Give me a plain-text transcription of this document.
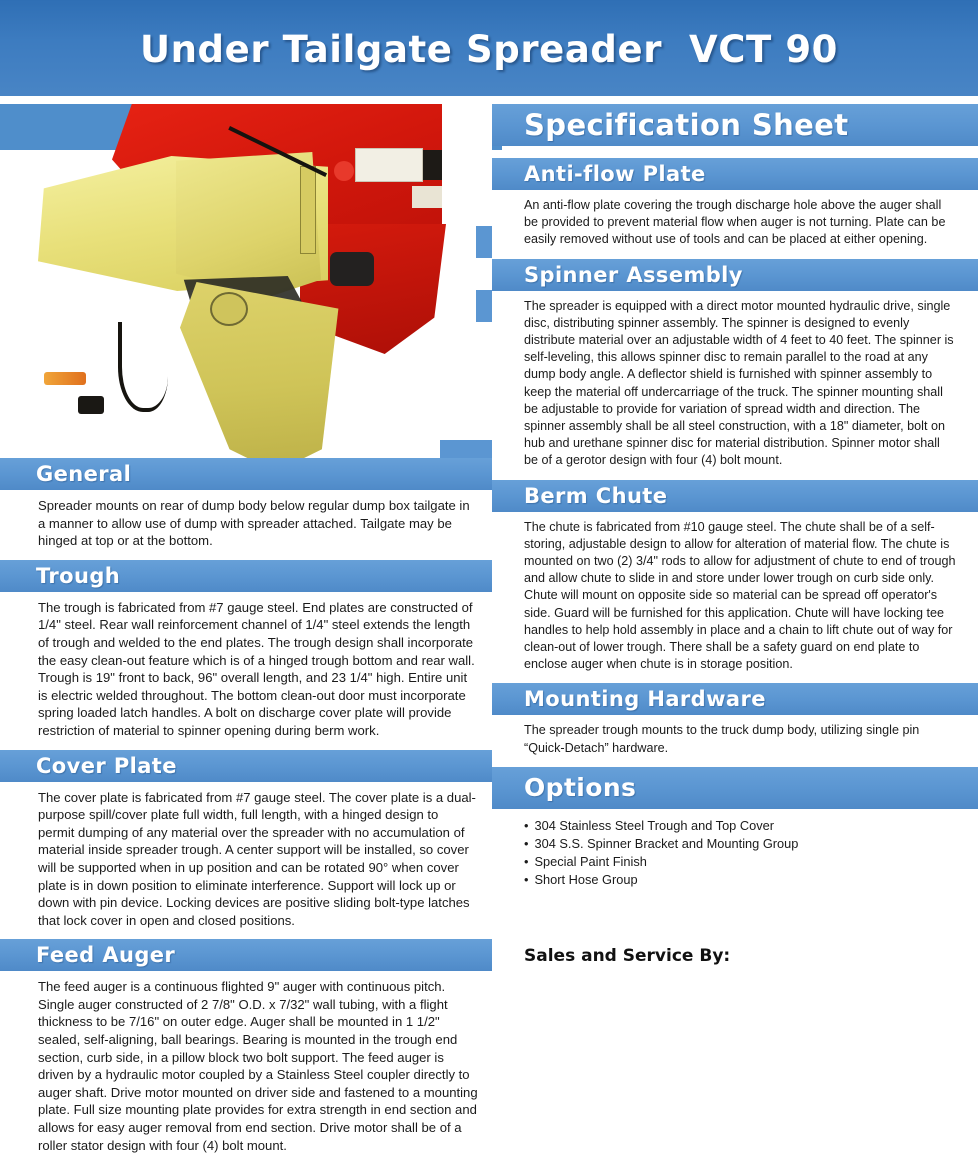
Under Tailgate Spreader  VCT 90
General
Spreader mounts on rear of dump body below regular dump box tailgate in a manner to allow use of dump with spreader attached. Tailgate may be hinged at top or at the bottom.
Trough
The trough is fabricated from #7 gauge steel. End plates are constructed of 1/4" steel. Rear wall reinforcement channel of 1/4" steel extends the length of trough and welded to the end plates. The trough design shall incorporate the easy clean-out feature which is of a hinged trough bottom and rear wall. Trough is 19" front to back, 96" overall length, and 23 1/4" high. Entire unit is electric welded throughout. The bottom clean-out door must incorporate spring loaded latch handles. A bolt on discharge cover plate will provide restriction of material to spinner opening during berm work.
Cover Plate
The cover plate is fabricated from #7 gauge steel. The cover plate is a dual-purpose spill/cover plate full width, full length, with a hinged design to permit dumping of any material over the spreader with no accumulation of material inside spreader trough. A center support will be installed, so cover will be supported when in up position and can be rotated 90° when cover plate is in down position to eliminate interference. Support will lock up or down with pin device. Locking devices are positive sliding bolt-type latches that lock cover in open and closed positions.
Feed Auger
The feed auger is a continuous flighted 9" auger with continuous pitch. Single auger constructed of 2 7/8" O.D. x 7/32" wall tubing, with a flight thickness to be 7/16" on outer edge. Auger shall be mounted in 1 1/2" sealed, self-aligning, ball bearings. Bearing is mounted in the trough end section, curb side, in a pillow block two bolt support. The feed auger is driven by a hydraulic motor coupled by a Stainless Steel coupler directly to auger shaft. Drive motor mounted on driver side and fastened to a mounting plate. Full size mounting plate provides for extra strength in end section and allows for easy auger removal from end section. Drive motor shall be of a roller stator design with four (4) bolt mount.
Specification Sheet
Anti-flow Plate
An anti-flow plate covering the trough discharge hole above the auger shall be provided to prevent material flow when auger is not turning. Plate can be easily removed without use of tools and can be placed at either opening.
Spinner Assembly
The spreader is equipped with a direct motor mounted hydraulic drive, single disc, distributing spinner assembly. The spinner is designed to evenly distribute material over an adjustable width of 4 feet to 40 feet. The spinner is self-leveling, this allows spinner disc to remain parallel to the road at any dump body angle. A deflector shield is furnished with spinner assembly to keep the material off undercarriage of the truck. The spinner mounting shall be adjustable to provide for variation of spread width and direction. The spinner assembly shall be all steel construction, with a 18" diameter, bolt on hub and urethane spinner disc for material distribution. Spinner motor shall be of a gerotor design with four (4) bolt mount.
Berm Chute
The chute is fabricated from #10 gauge steel. The chute shall be of a self-storing, adjustable design to allow for alteration of material flow. The chute is mounted on two (2) 3/4" rods to allow for adjustment of chute to end of trough and allow chute to slide in and store under lower trough on curb side only. Chute will mount on opposite side so material can be spread off operator's side. Guard will be furnished for this application. Chute will have locking tee handles to help hold assembly in place and a chain to lift chute out of way for clean-out of lower trough. There shall be a safety guard on end plate to enclose auger when chute is in storage position.
Mounting Hardware
The spreader trough mounts to the truck dump body, utilizing single pin “Quick-Detach” hardware.
Options
• 304 Stainless Steel Trough and Top Cover
• 304 S.S. Spinner Bracket and Mounting Group
• Special Paint Finish
• Short Hose Group
Sales and Service By:
